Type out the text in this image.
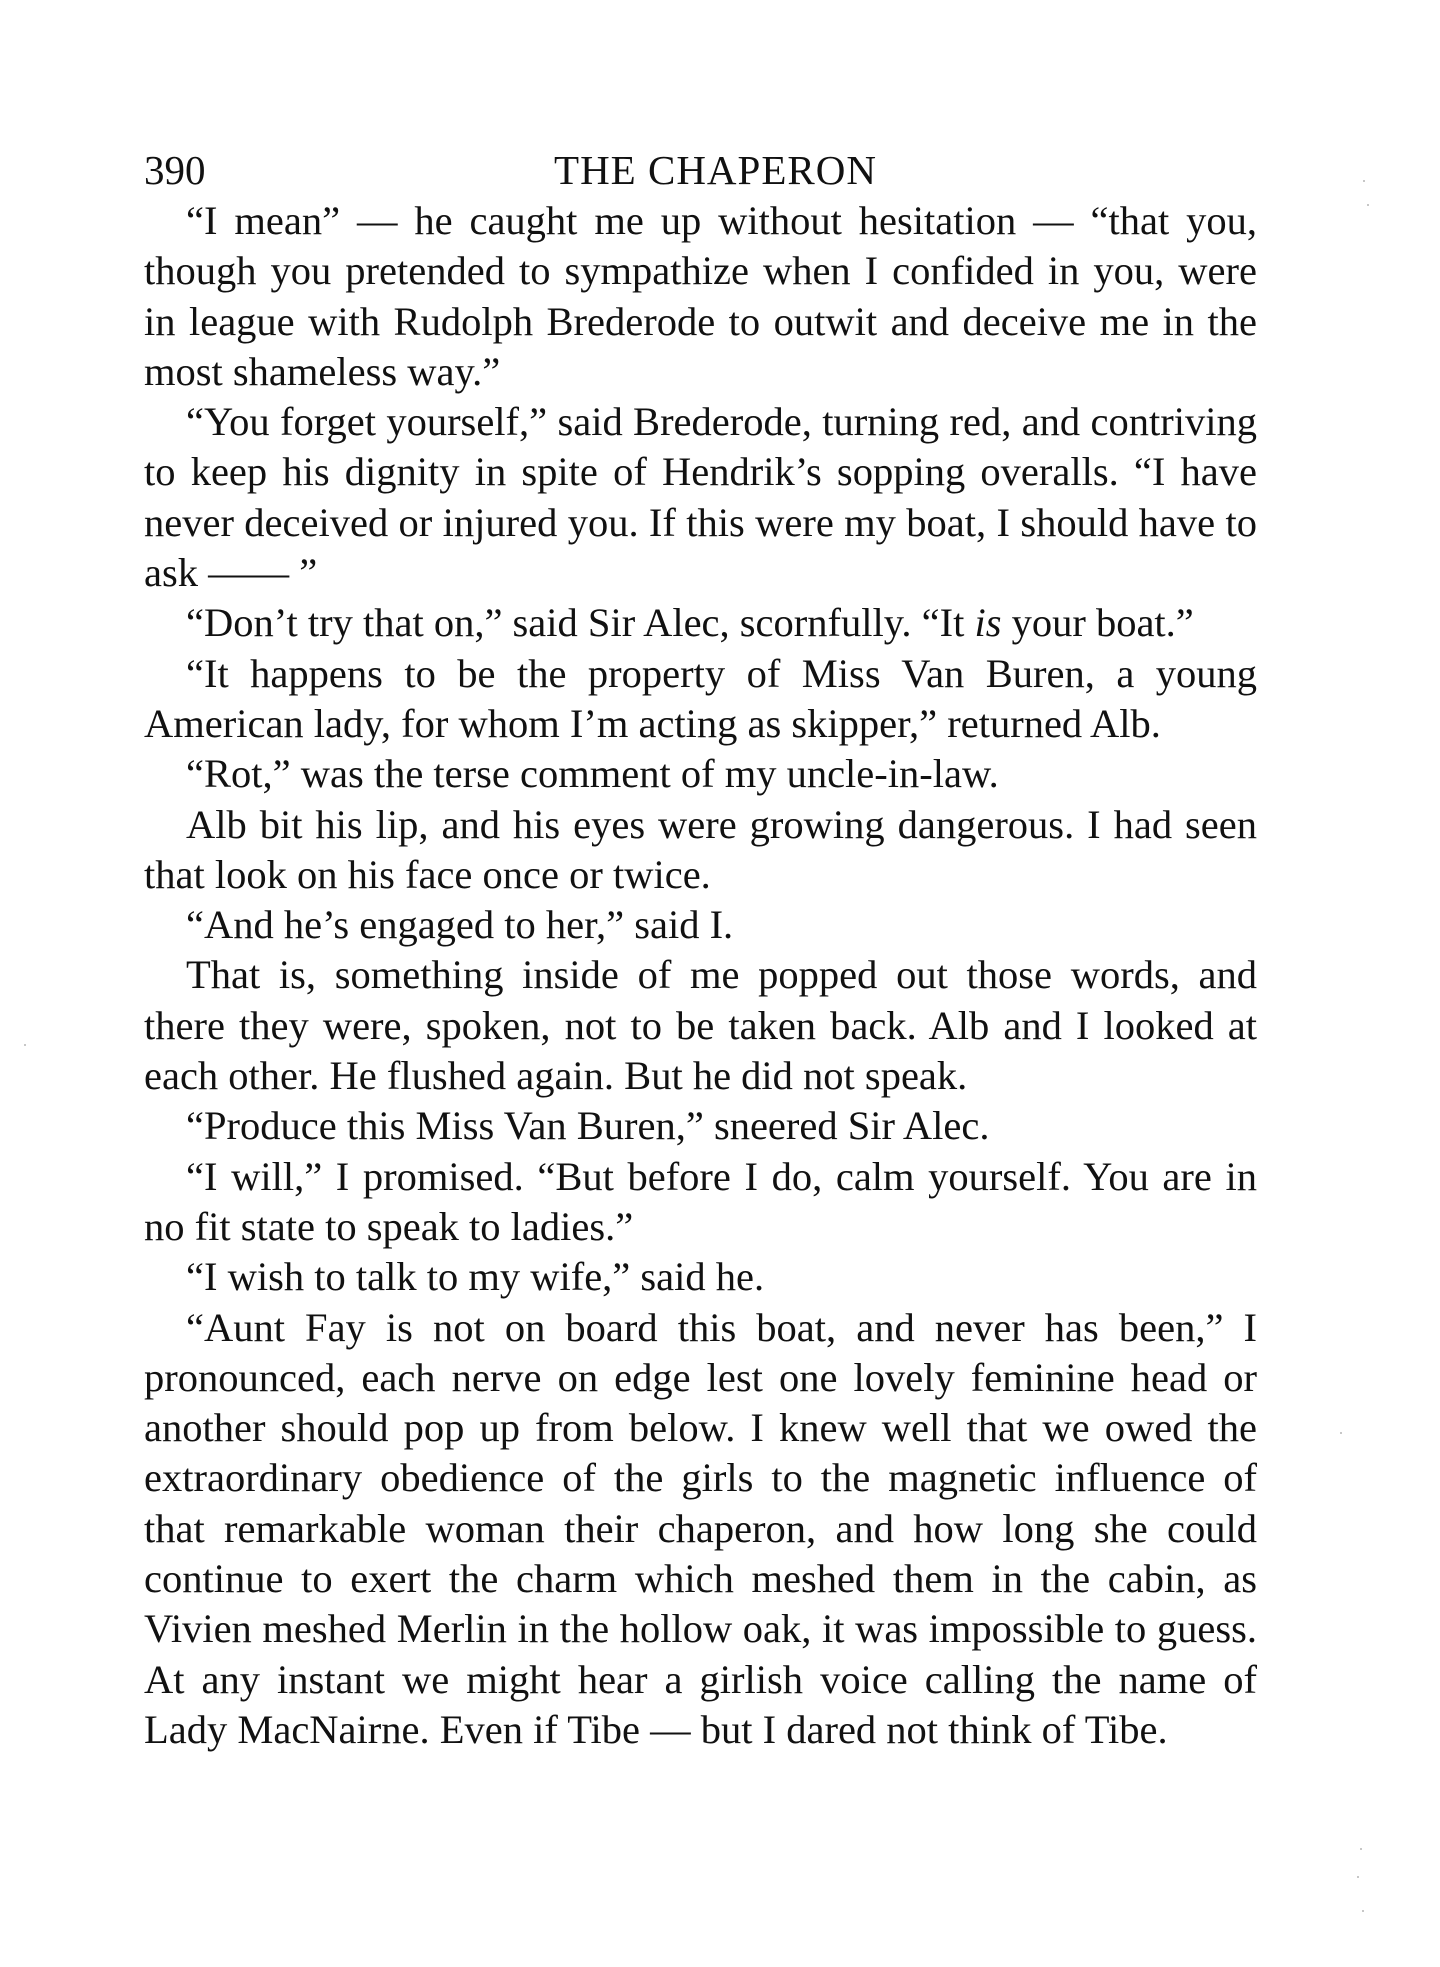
390	THE CHAPERON

“I mean” — he caught me up without hesitation — “that you, though you pretended to sympathize when I confided in you, were in league with Rudolph Brederode to outwit and deceive me in the most shameless way.”

“You forget yourself,” said Brederode, turning red, and contriving to keep his dignity in spite of Hendrik’s sopping overalls. “I have never deceived or injured you. If this were my boat, I should have to ask —— ”

“Don’t try that on,” said Sir Alec, scornfully. “It is your boat.”

“It happens to be the property of Miss Van Buren, a young American lady, for whom I’m acting as skipper,” returned Alb.

“Rot,” was the terse comment of my uncle-in-law.

Alb bit his lip, and his eyes were growing dangerous. I had seen that look on his face once or twice.

“And he’s engaged to her,” said I.

That is, something inside of me popped out those words, and there they were, spoken, not to be taken back. Alb and I looked at each other. He flushed again. But he did not speak.

“Produce this Miss Van Buren,” sneered Sir Alec.

“I will,” I promised. “But before I do, calm yourself. You are in no fit state to speak to ladies.”

“I wish to talk to my wife,” said he.

“Aunt Fay is not on board this boat, and never has been,” I pronounced, each nerve on edge lest one lovely feminine head or another should pop up from below. I knew well that we owed the extraordinary obedience of the girls to the magnetic influence of that remarkable woman their chaperon, and how long she could continue to exert the charm which meshed them in the cabin, as Vivien meshed Merlin in the hollow oak, it was impossible to guess. At any instant we might hear a girlish voice calling the name of Lady MacNairne. Even if Tibe — but I dared not think of Tibe.
